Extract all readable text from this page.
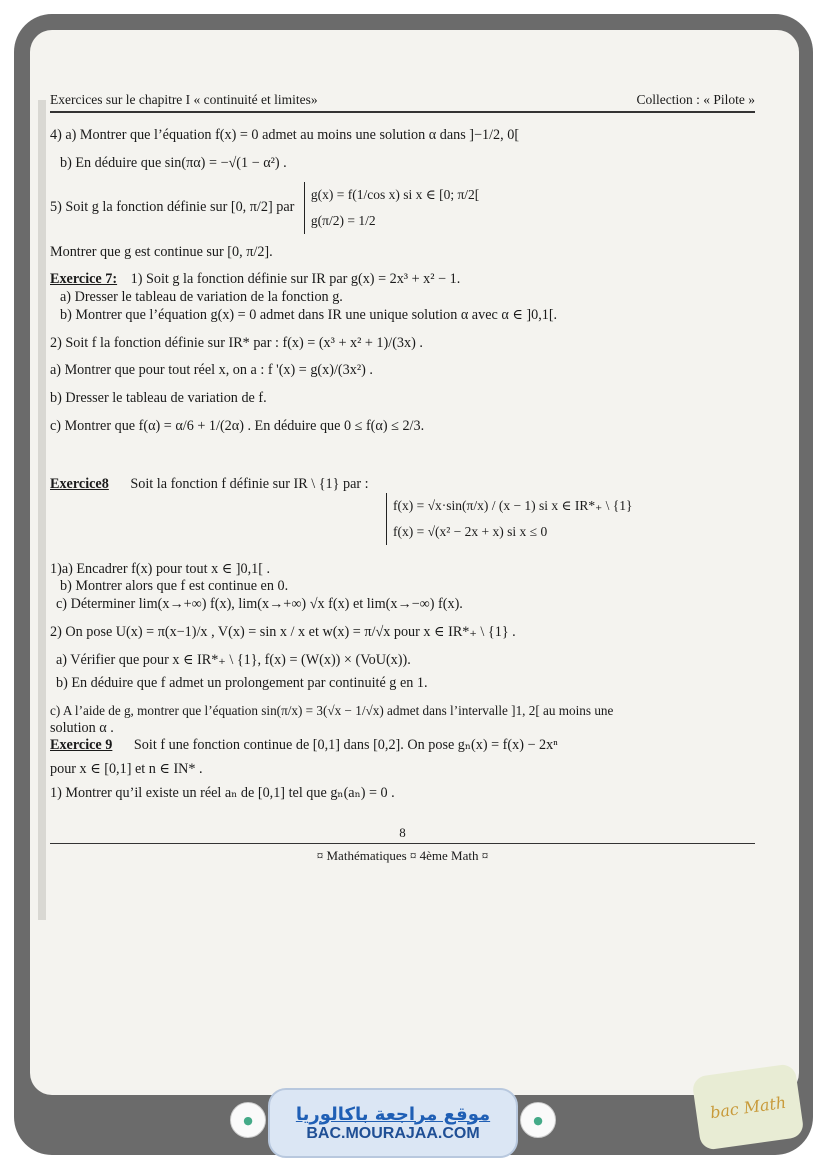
Exercices sur le chapitre I « continuité et limites»	Collection : « Pilote »
4) a) Montrer que l’équation f(x) = 0 admet au moins une solution α dans ]−1/2, 0[
b) En déduire que sin(πα) = −√(1 − α²) .
5) Soit g la fonction définie sur [0, π/2] par g(x) = f(1/cos x) si x ∈ [0; π/2[
g(π/2) = 1/2
Montrer que g est continue sur [0, π/2].
Exercice 7: 1) Soit g la fonction définie sur IR par g(x) = 2x³ + x² − 1.
a) Dresser le tableau de variation de la fonction g.
b) Montrer que l’équation g(x) = 0 admet dans IR une unique solution α avec α ∈ ]0,1[.
2) Soit f la fonction définie sur IR* par : f(x) = (x³ + x² + 1)/(3x) .
a) Montrer que pour tout réel x, on a : f '(x) = g(x)/(3x²) .
b) Dresser le tableau de variation de f.
c) Montrer que f(α) = α/6 + 1/(2α) . En déduire que 0 ≤ f(α) ≤ 2/3.
Exercice8 Soit la fonction f définie sur IR \ {1} par :
f(x) = √x·sin(π/x) / (x − 1) si x ∈ IR*₊ \ {1}
f(x) = √(x² − 2x + x) si x ≤ 0
1)a) Encadrer f(x) pour tout x ∈ ]0,1[ .
b) Montrer alors que f est continue en 0.
c) Déterminer lim(x→+∞) f(x), lim(x→+∞) √x f(x) et lim(x→−∞) f(x).
2) On pose U(x) = π(x−1)/x , V(x) = sin x / x et w(x) = π/√x pour x ∈ IR*₊ \ {1} .
a) Vérifier que pour x ∈ IR*₊ \ {1}, f(x) = (W(x)) × (VoU(x)).
b) En déduire que f admet un prolongement par continuité g en 1.
c) A l’aide de g, montrer que l’équation sin(π/x) = 3(√x − 1/√x) admet dans l’intervalle ]1, 2[ au moins une
solution α .
Exercice 9 Soit f une fonction continue de [0,1] dans [0,2]. On pose gₙ(x) = f(x) − 2xⁿ
pour x ∈ [0,1] et n ∈ IN* .
1) Montrer qu’il existe un réel aₙ de [0,1] tel que gₙ(aₙ) = 0 .
8
¤ Mathématiques ¤ 4ème Math ¤
●	●
موقع مراجعة باكالوريا
BAC.MOURAJAA.COM
bac Math
